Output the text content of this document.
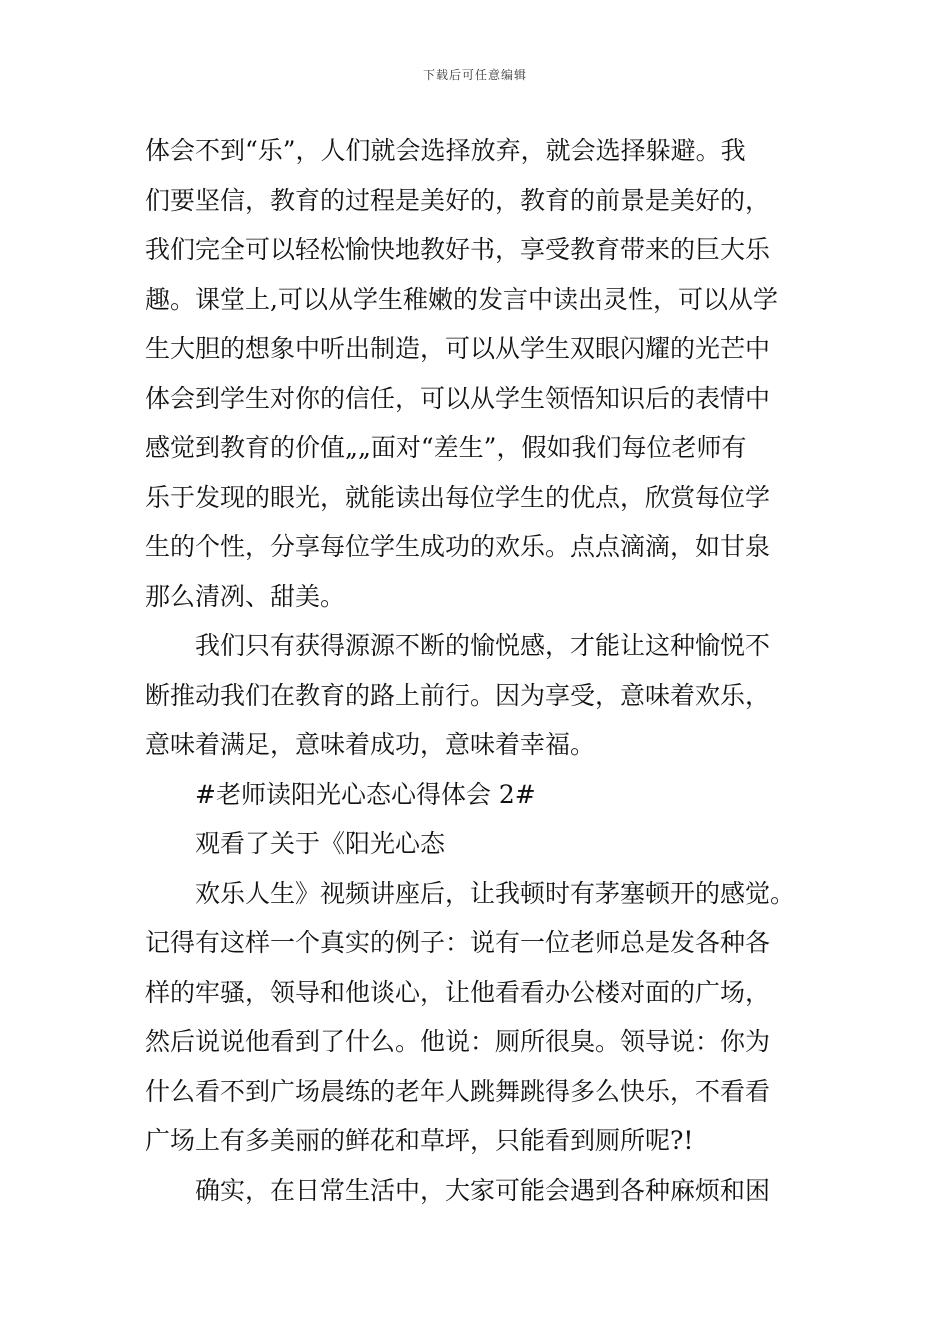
下载后可任意编辑
体会不到“乐”，人们就会选择放弃，就会选择躲避。我
们要坚信，教育的过程是美好的，教育的前景是美好的，
我们完全可以轻松愉快地教好书，享受教育带来的巨大乐
趣。课堂上,可以从学生稚嫩的发言中读出灵性，可以从学
生大胆的想象中听出制造，可以从学生双眼闪耀的光芒中
体会到学生对你的信任，可以从学生领悟知识后的表情中
感觉到教育的价值„„面对“差生”，假如我们每位老师有
乐于发现的眼光，就能读出每位学生的优点，欣赏每位学
生的个性，分享每位学生成功的欢乐。点点滴滴，如甘泉
那么清冽、甜美。
我们只有获得源源不断的愉悦感，才能让这种愉悦不
断推动我们在教育的路上前行。因为享受，意味着欢乐，
意味着满足，意味着成功，意味着幸福。
#老师读阳光心态心得体会 2#
观看了关于《阳光心态
欢乐人生》视频讲座后，让我顿时有茅塞顿开的感觉。
记得有这样一个真实的例子：说有一位老师总是发各种各
样的牢骚，领导和他谈心，让他看看办公楼对面的广场，
然后说说他看到了什么。他说：厕所很臭。领导说：你为
什么看不到广场晨练的老年人跳舞跳得多么快乐，不看看
广场上有多美丽的鲜花和草坪，只能看到厕所呢?!
确实，在日常生活中，大家可能会遇到各种麻烦和困
